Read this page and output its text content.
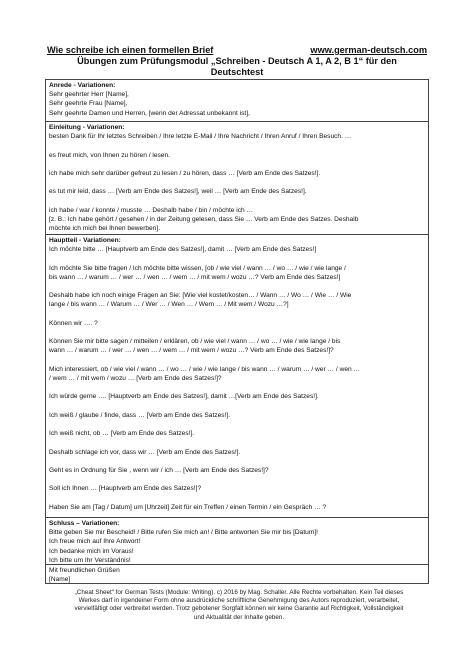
Wie schreibe ich einen formellen Brief	www.german-deutsch.com
Übungen zum Prüfungsmodul „Schreiben - Deutsch A 1, A 2, B 1“ für den
Deutschtest

Anrede - Variationen:

Sehr geehrter Herr [Name],

Sehr geehrte Frau [Name],

Sehr geehrte Damen und Herren, [wenn der Adressat unbekannt ist],

Einleitung - Variationen:

besten Dank für Ihr letztes Schreiben / Ihre letzte E-Mail / Ihre Nachricht / Ihren Anruf / Ihren Besuch. …

es freut mich, von Ihnen zu hören / lesen.

ich habe mich sehr darüber gefreut zu lesen / zu hören, dass … [Verb am Ende des Satzes!].

es tut mir leid, dass … [Verb am Ende des Satzes!], weil … [Verb am Ende des Satzes!].

ich habe / war / konnte / musste … Deshalb habe / bin / möchte ich …

[z. B.: Ich habe gehört / gesehen / in der Zeitung gelesen, dass Sie … Verb am Ende des Satzes. Deshalb

möchte ich mich bei Ihnen bewerben].

Hauptteil - Variationen:

Ich möchte bitte … [Hauptverb am Ende des Satzes!], damit … [Verb am Ende des Satzes!]

Ich möchte Sie bitte fragen / Ich möchte bitte wissen, [ob / wie viel / wann … / wo … / wie / wie lange /

bis wann … / warum … / wer … / wen … / wem … / mit wem / wozu …? Verb am Ende des Satzes!]

Deshalb habe ich noch einige Fragen an Sie: [Wie viel kostet/kosten… / Wann … / Wo … / Wie … / Wie

lange / bis wann … / Warum … / Wer … / Wen … / Wem … / Mit wem / Wozu …?]

Können wir …. ?

Können Sie mir bitte sagen / mitteilen / erklären, ob / wie viel / wann … / wo … / wie / wie lange / bis

wann … / warum … / wer … / wen … / wem … / mit wem / wozu …? Verb am Ende des Satzes!]?

Mich interessiert, ob / wie viel / wann … / wo … / wie / wie lange / bis wann … / warum … / wer … / wen …

/ wem … / mit wem / wozu … [Verb am Ende des Satzes!]?

Ich würde gerne …. [Hauptverb am Ende des Satzes!], damit …[Verb am Ende des Satzes!].

Ich weiß / glaube / finde, dass … [Verb am Ende des Satzes!].

Ich weiß nicht, ob … [Verb am Ende des Satzes!].

Deshalb schlage ich vor, dass wir … [Verb am Ende des Satzes!].

Geht es in Ordnung für Sie , wenn wir / ich … [Verb am Ende des Satzes!]?

Soll ich Ihnen … [Hauptverb am Ende des Satzes!]?

Haben Sie am [Tag / Datum] um [Uhrzeit] Zeit für ein Treffen / einen Termin / ein Gespräch … ?

Schluss – Variationen:

Bitte geben Sie mir Bescheid! / Bitte rufen Sie mich an! / Bitte antworten Sie mir bis [Datum]!

Ich freue mich auf Ihre Antwort!

Ich bedanke mich im Voraus!

Ich bitte um Ihr Verständnis!

Mit freundlichen Grüßen

[Name]

„Cheat Sheet“ for German Tests (Module: Writing). c) 2016 by Mag. Schaller. Alle Rechte vorbehalten. Kein Teil dieses
Werkes darf in irgendeiner Form ohne ausdrückliche schriftliche Genehmigung des Autors reproduziert, verarbeitet,
vervielfältigt oder verbreitet werden. Trotz gebotener Sorgfalt können wir keine Garantie auf Richtigkeit, Vollständigkeit
und Aktualität der Inhalte geben.
